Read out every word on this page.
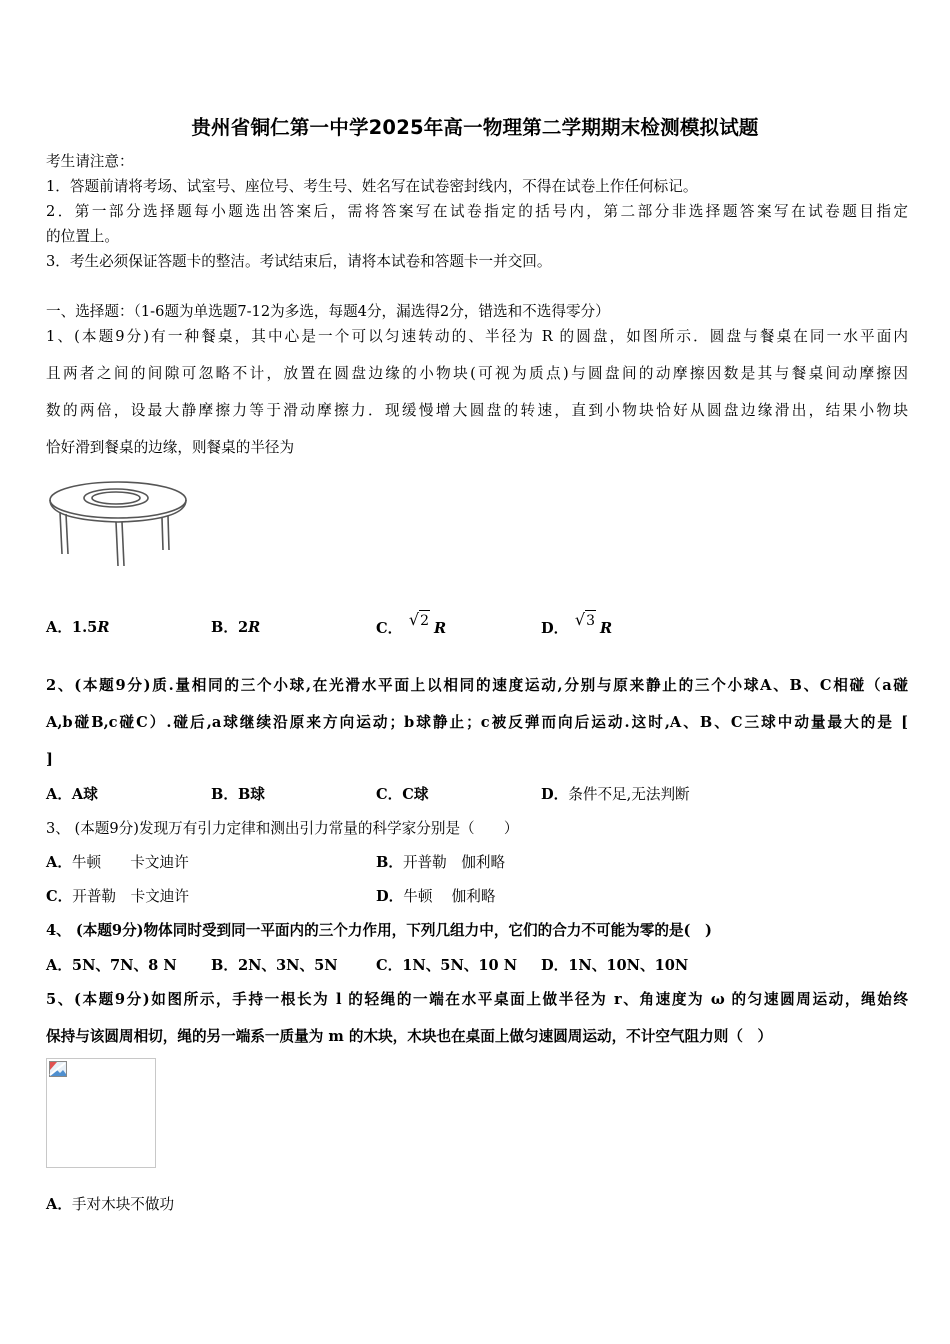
贵州省铜仁第一中学2025年高一物理第二学期期末检测模拟试题
考生请注意：
1．答题前请将考场、试室号、座位号、考生号、姓名写在试卷密封线内，不得在试卷上作任何标记。
2．第一部分选择题每小题选出答案后，需将答案写在试卷指定的括号内，第二部分非选择题答案写在试卷题目指定
的位置上。
3．考生必须保证答题卡的整洁。考试结束后，请将本试卷和答题卡一并交回。
一、选择题：（1-6题为单选题7-12为多选，每题4分，漏选得2分，错选和不选得零分）
1、(本题9分)有一种餐桌，其中心是一个可以匀速转动的、半径为 R 的圆盘，如图所示．圆盘与餐桌在同一水平面内
且两者之间的间隙可忽略不计，放置在圆盘边缘的小物块(可视为质点)与圆盘间的动摩擦因数是其与餐桌间动摩擦因
数的两倍，设最大静摩擦力等于滑动摩擦力．现缓慢增大圆盘的转速，直到小物块恰好从圆盘边缘滑出，结果小物块
恰好滑到餐桌的边缘，则餐桌的半径为
A．1.5R	B．2R	C． √2 R	D． √3 R
2、(本题9分)质.量相同的三个小球,在光滑水平面上以相同的速度运动,分别与原来静止的三个小球A、B、C相碰（a碰
A,b碰B,c碰C）.碰后,a球继续沿原来方向运动；b球静止；c被反弹而向后运动.这时,A、B、C三球中动量最大的是 [
]
A．A球	B．B球	C．C球	D．条件不足,无法判断
3、 (本题9分)发现万有引力定律和测出引力常量的科学家分别是（　　）
A．牛顿　　卡文迪许	B．开普勒　伽利略
C．开普勒　卡文迪许	D．牛顿　 伽利略
4、 (本题9分)物体同时受到同一平面内的三个力作用，下列几组力中，它们的合力不可能为零的是(　)
A．5N、7N、8 N B．2N、3N、5N	C．1N、5N、10 N D．1N、10N、10N
5、(本题9分)如图所示，手持一根长为 l 的轻绳的一端在水平桌面上做半径为 r、角速度为 ω 的匀速圆周运动，绳始终
保持与该圆周相切，绳的另一端系一质量为 m 的木块，木块也在桌面上做匀速圆周运动，不计空气阻力则（　）
A．手对木块不做功
